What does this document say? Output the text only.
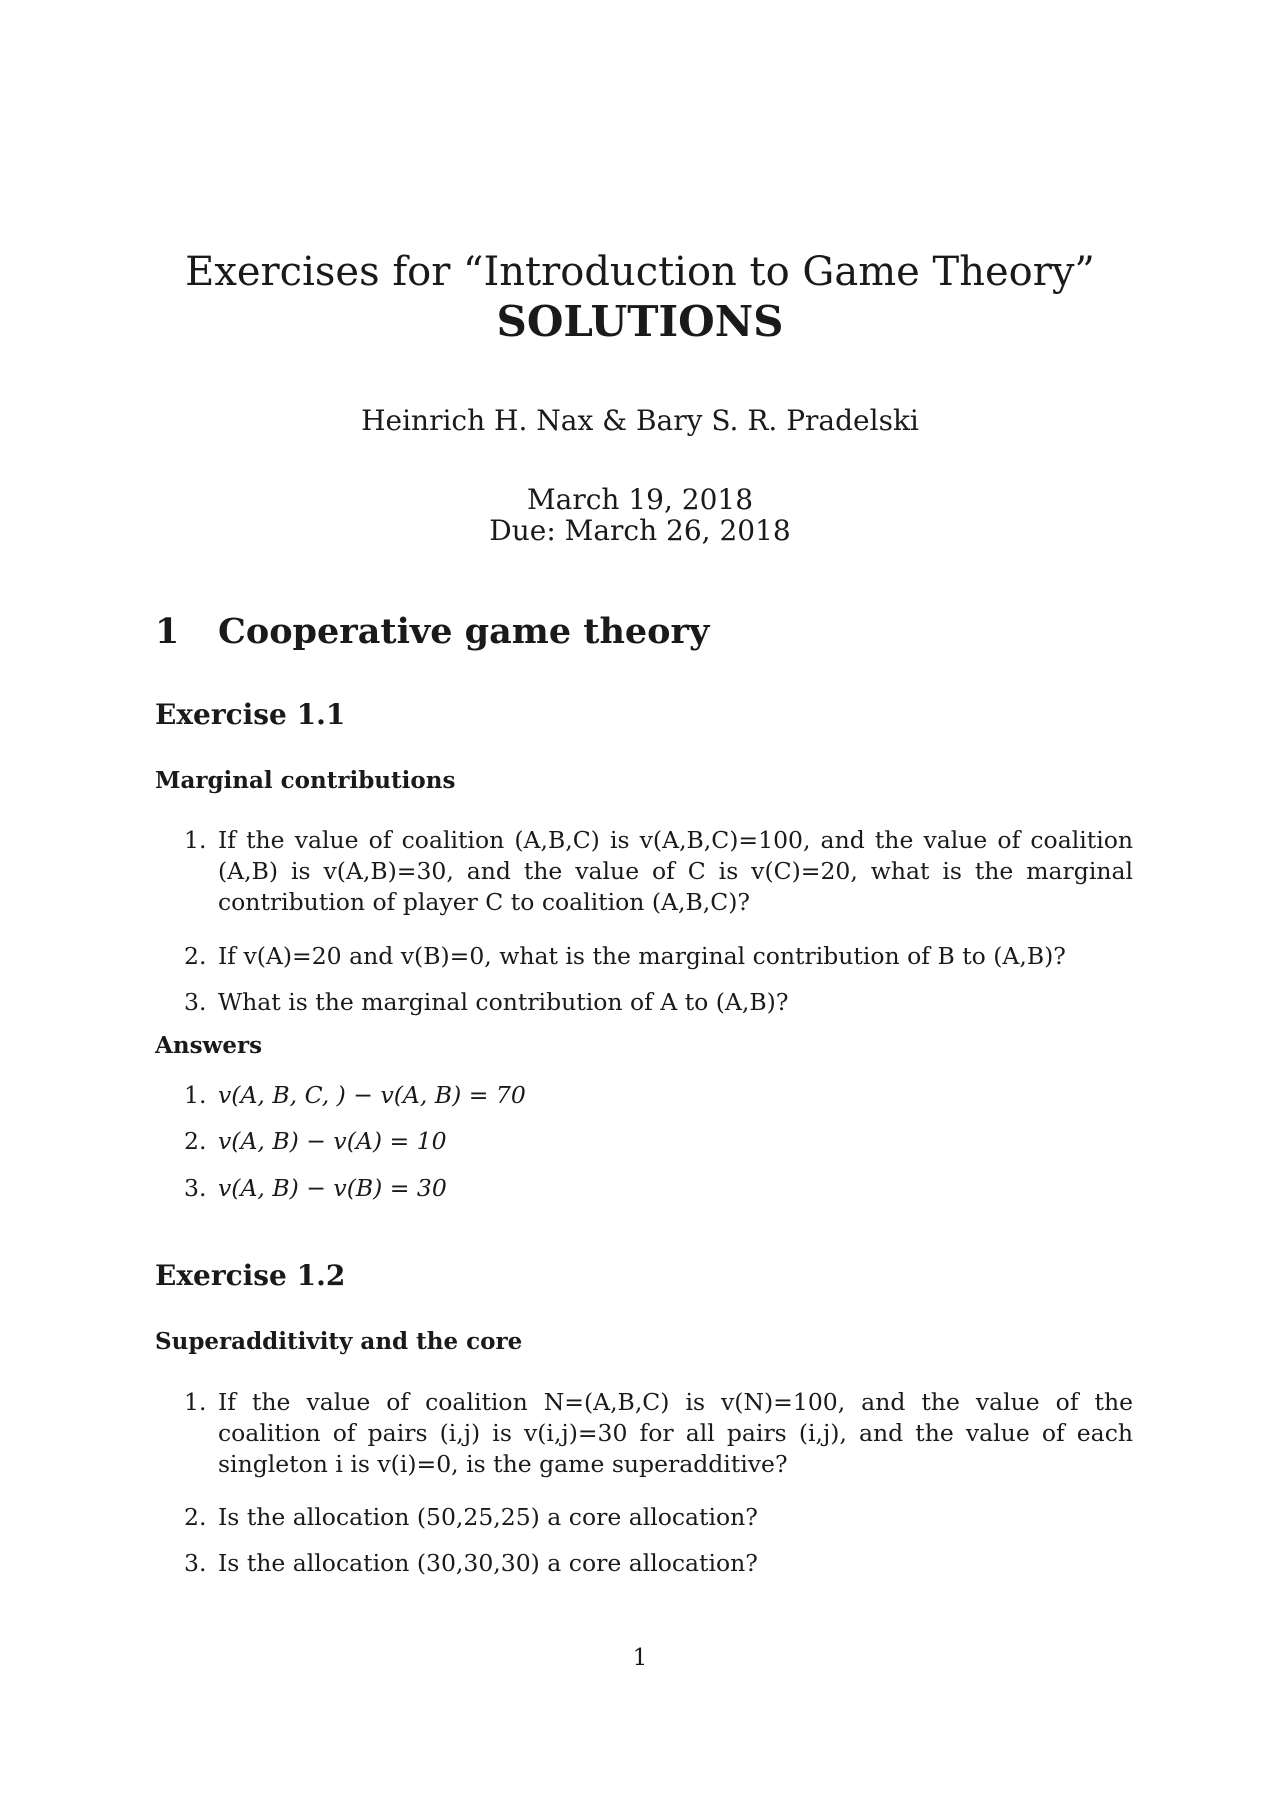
Exercises for “Introduction to Game Theory”
SOLUTIONS
Heinrich H. Nax & Bary S. R. Pradelski
March 19, 2018
Due: March 26, 2018
1 Cooperative game theory
Exercise 1.1
Marginal contributions
1. If the value of coalition (A,B,C) is v(A,B,C)=100, and the value of coalition (A,B) is v(A,B)=30, and the value of C is v(C)=20, what is the marginal contribution of player C to coalition (A,B,C)?
2. If v(A)=20 and v(B)=0, what is the marginal contribution of B to (A,B)?
3. What is the marginal contribution of A to (A,B)?
Answers
1. v(A, B, C, ) − v(A, B) = 70
2. v(A, B) − v(A) = 10
3. v(A, B) − v(B) = 30
Exercise 1.2
Superadditivity and the core
1. If the value of coalition N=(A,B,C) is v(N)=100, and the value of the coalition of pairs (i,j) is v(i,j)=30 for all pairs (i,j), and the value of each singleton i is v(i)=0, is the game superadditive?
2. Is the allocation (50,25,25) a core allocation?
3. Is the allocation (30,30,30) a core allocation?
1
